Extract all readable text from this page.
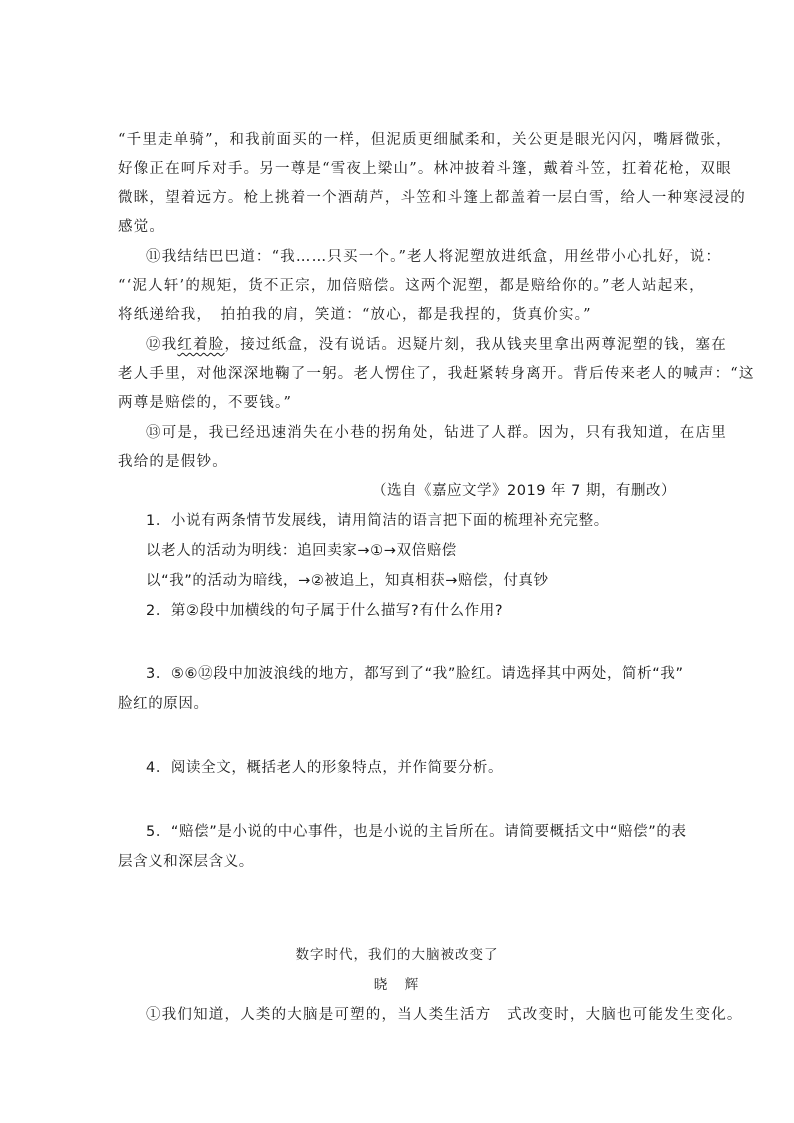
“千里走单骑”，和我前面买的一样，但泥质更细腻柔和，关公更是眼光闪闪，嘴唇微张，
好像正在呵斥对手。另一尊是“雪夜上梁山”。林冲披着斗篷，戴着斗笠，扛着花枪，双眼
微眯，望着远方。枪上挑着一个酒葫芦，斗笠和斗篷上都盖着一层白雪，给人一种寒浸浸的
感觉。
⑪我结结巴巴道：“我……只买一个。”老人将泥塑放进纸盒，用丝带小心扎好，说：
“‘泥人轩’的规矩，货不正宗，加倍赔偿。这两个泥塑，都是赔给你的。”老人站起来，
将纸递给我，　拍拍我的肩，笑道：“放心，都是我捏的，货真价实。”
⑫我红着脸，接过纸盒，没有说话。迟疑片刻，我从钱夹里拿出两尊泥塑的钱，塞在
老人手里，对他深深地鞠了一躬。老人愣住了，我赶紧转身离开。背后传来老人的喊声：“这
两尊是赔偿的，不要钱。”
⑬可是，我已经迅速消失在小巷的拐角处，钻进了人群。因为，只有我知道，在店里
我给的是假钞。
（选自《嘉应文学》2019 年 7 期，有删改）
1．小说有两条情节发展线，请用简洁的语言把下面的梳理补充完整。
以老人的活动为明线：追回卖家→①→双倍赔偿
以“我”的活动为暗线，→②被追上，知真相获→赔偿，付真钞
2．第②段中加横线的句子属于什么描写?有什么作用?
3．⑤⑥⑫段中加波浪线的地方，都写到了“我”脸红。请选择其中两处，简析“我”
脸红的原因。
4．阅读全文，概括老人的形象特点，并作简要分析。
5．“赔偿”是小说的中心事件，也是小说的主旨所在。请简要概括文中“赔偿”的表
层含义和深层含义。
数字时代，我们的大脑被改变了
晓　辉
①我们知道，人类的大脑是可塑的，当人类生活方　式改变时，大脑也可能发生变化。
